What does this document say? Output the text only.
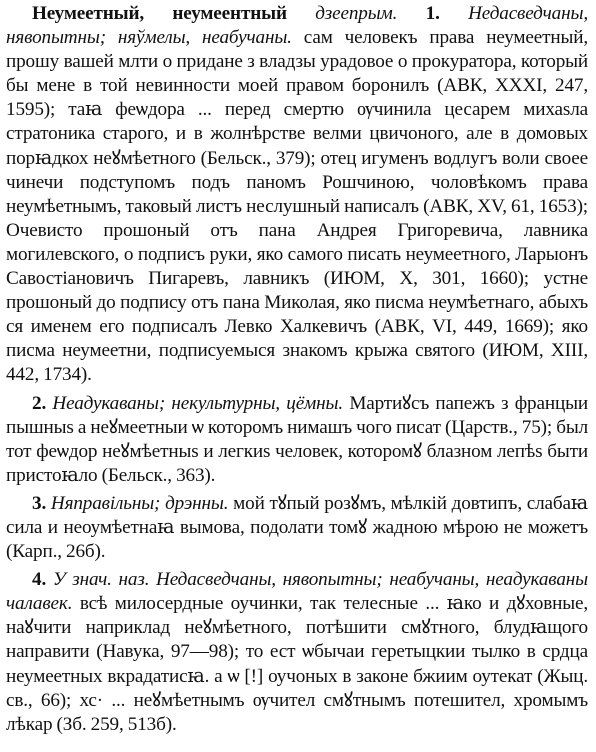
Неумеетный, неумеентный дзеeпрым. 1. Недасведчаны, нявопытны; няўмелы, неабучаны. сам человекъ права неумеетный, прошу вашей млти о придане з владзы урадовое о прокуратора, который бы мене в той невинности моей правом боронилъ (АВК, XXXI, 247, 1595); таꙗ феѡдора ... перед смертю ѹчинила цесарем михаѕла стратоника старого, и в жолнѣрстве велми цвичоного, але в домовых порꙗдкох неꙋмѣетного (Бельск., 379); отец игуменъ водлугъ воли своее чинечи подступомъ подъ паномъ Рошчиною, чоловѣкомъ права неумѣетнымъ, таковый листъ неслушный написалъ (АВК, XV, 61, 1653); Очевисто прошоный отъ пана Андрея Григоревича, лавника могилевского, о подписъ руки, яко самого писать неумеетного, Ларыонъ Савостіановичъ Пигаревъ, лавникъ (ИЮМ, X, 301, 1660); устне прошоный до подпису отъ пана Миколая, яко писма неумѣетнаго, абыхъ ся именем его подписалъ Левко Халкевичъ (АВК, VI, 449, 1669); яко писма неумеетни, подписуемыся знакомъ крыжа святого (ИЮМ, XIII, 442, 1734).

2. Неадукаваны; некультурны, цёмны. Мартиꙋсъ папежъ з францыи пышныѕ а неꙋмеетныи ѡ которомъ нимашъ чого писат (Царств., 75); был тот феѡдор неꙋмѣетныѕ и легкиѕ человек, которомꙋ блазном лепѣѕ быти пристоꙗло (Бельск., 363).

3. Няправільны; дрэнны. мой тꙋпый розꙋмъ, мѣлкій довтипъ, слабаꙗ сила и неоумѣетнаꙗ вымова, подолати томꙋ жадною мѣрою не можетъ (Карп., 26б).

4. У знач. наз. Недасведчаны, нявопытны; неабучаны, неадукаваны чалавек. всѣ милосердные оучинки, так телесные ... ꙗко и дꙋховные, наꙋчити наприклад неꙋмѣетного, потѣшити смꙋтного, блудꙗщого направити (Навука, 97—98); то ест ѡбычаи геретыцкии тылко в срдца неумеетных вкрадатисꙗ. а ѡ [!] оучоных в законе бжиим оутекат (Жыц. св., 66); хс· ... неꙋмѣетнымъ ѹчител смꙋтнымъ потешител, хромымъ лѣкар (Зб. 259, 513б).
